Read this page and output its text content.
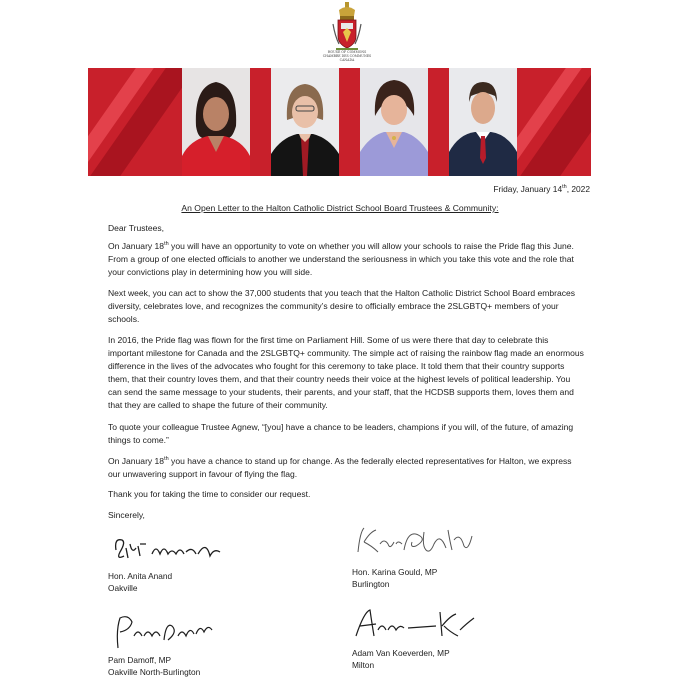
HOUSE OF COMMONS
CHAMBRE DES COMMUNES
CANADA
Friday, January 14th, 2022
An Open Letter to the Halton Catholic District School Board Trustees & Community:
Dear Trustees,
On January 18th you will have an opportunity to vote on whether you will allow your schools to raise the Pride flag this June. From a group of one elected officials to another we understand the seriousness in which you take this vote and the role that your convictions play in determining how you will side.
Next week, you can act to show the 37,000 students that you teach that the Halton Catholic District School Board embraces diversity, celebrates love, and recognizes the community’s desire to officially embrace the 2SLGBTQ+ members of your schools.
In 2016, the Pride flag was flown for the first time on Parliament Hill. Some of us were there that day to celebrate this important milestone for Canada and the 2SLGBTQ+ community. The simple act of raising the rainbow flag made an enormous difference in the lives of the advocates who fought for this ceremony to take place. It told them that their country supports them, that their country loves them, and that their country needs their voice at the highest levels of political leadership. You can send the same message to your students, their parents, and your staff, that the HCDSB supports them, loves them and that they are called to shape the future of their community.
To quote your colleague Trustee Agnew, “[you] have a chance to be leaders, champions if you will, of the future, of amazing things to come.”
On January 18th you have a chance to stand up for change. As the federally elected representatives for Halton, we express our unwavering support in favour of flying the flag.
Thank you for taking the time to consider our request.
Sincerely,
Hon. Anita Anand
Oakville
Hon. Karina Gould, MP
Burlington
Pam Damoff, MP
Oakville North-Burlington
Adam Van Koeverden, MP
Milton
